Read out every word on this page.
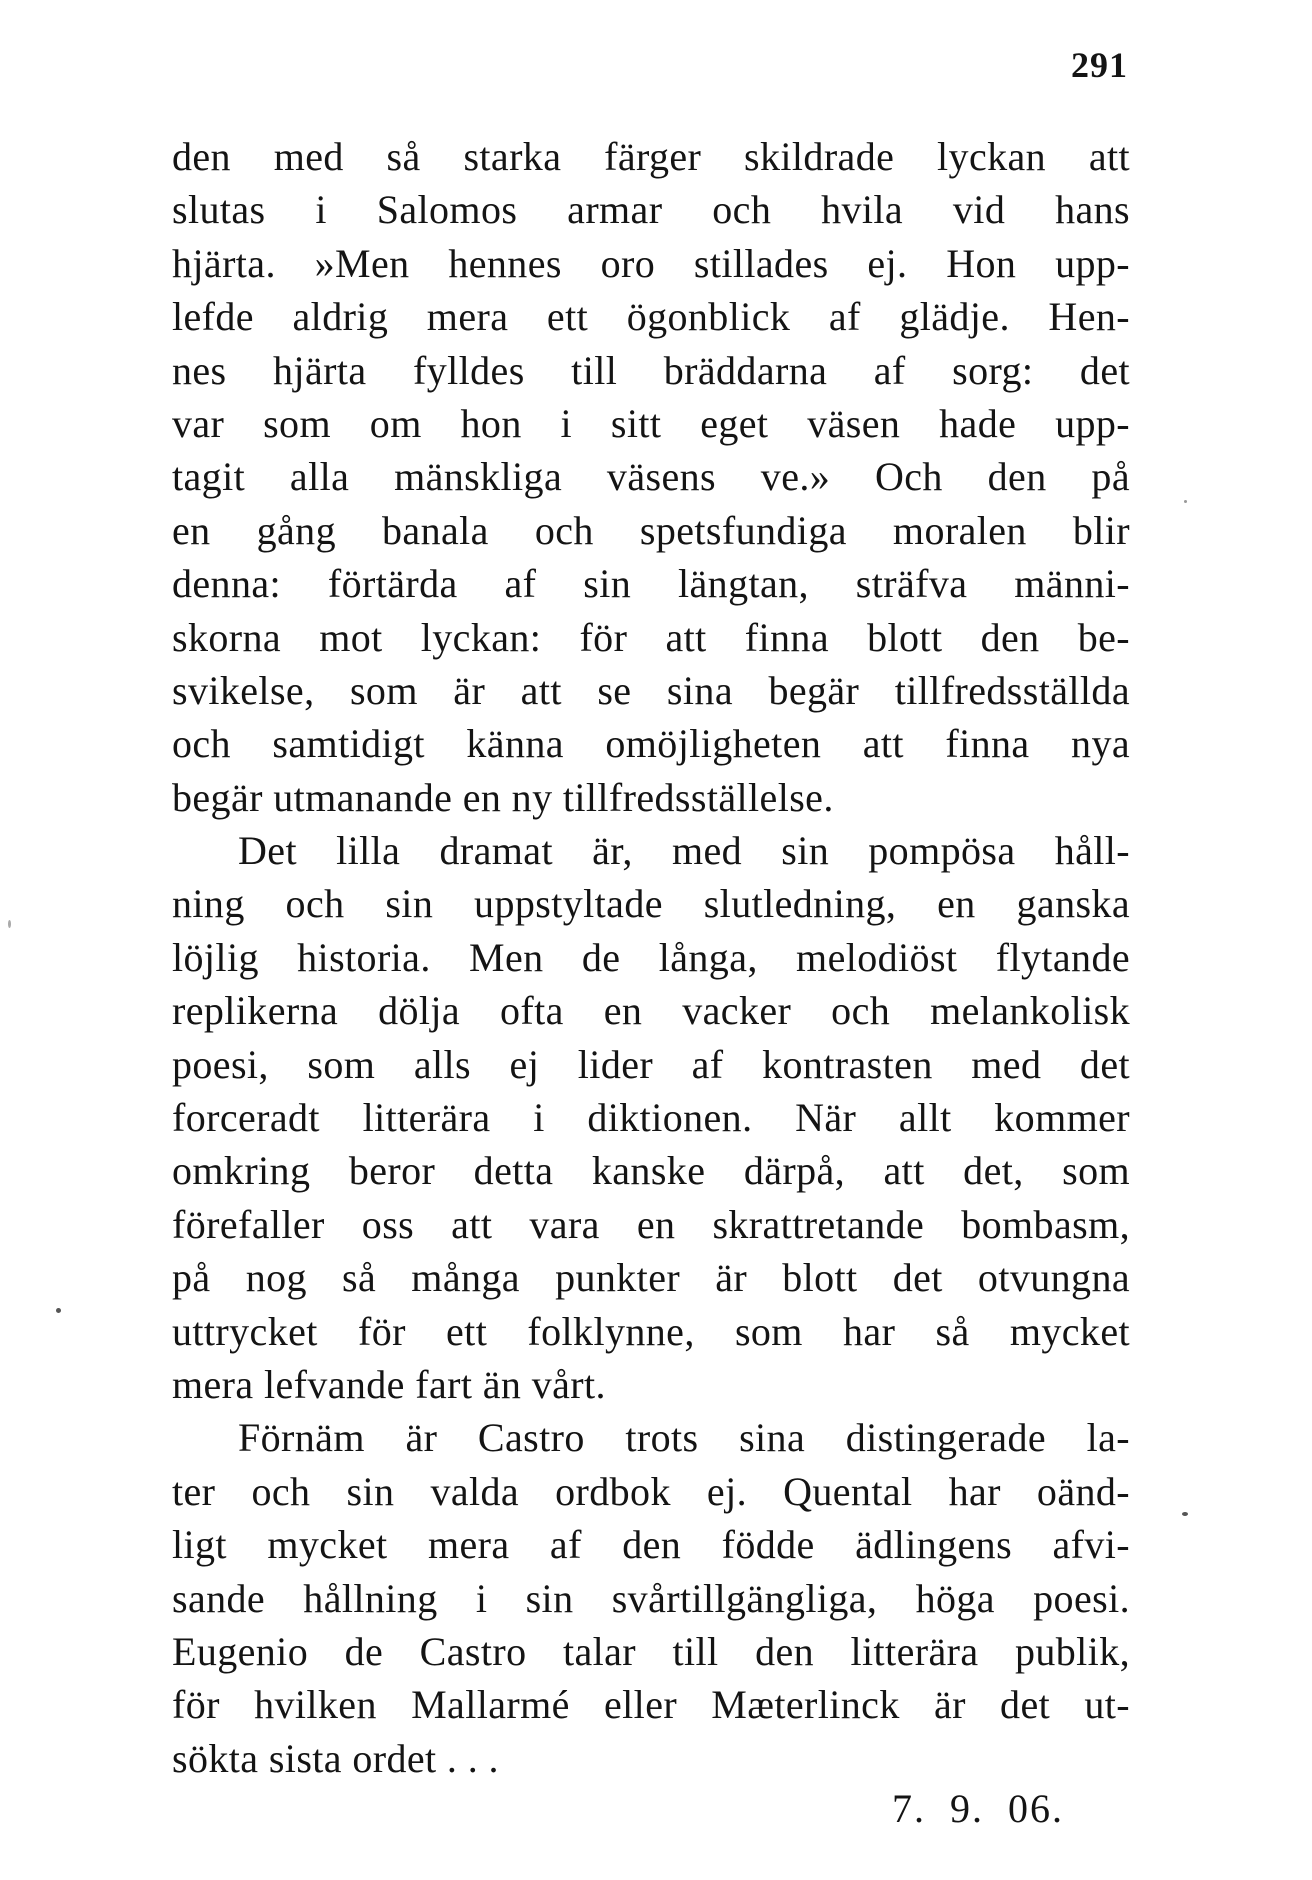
291
den med så starka färger skildrade lyckan att
slutas i Salomos armar och hvila vid hans
hjärta. »Men hennes oro stillades ej. Hon upp-
lefde aldrig mera ett ögonblick af glädje. Hen-
nes hjärta fylldes till bräddarna af sorg: det
var som om hon i sitt eget väsen hade upp-
tagit alla mänskliga väsens ve.» Och den på
en gång banala och spetsfundiga moralen blir
denna: förtärda af sin längtan, sträfva männi-
skorna mot lyckan: för att finna blott den be-
svikelse, som är att se sina begär tillfredsställda
och samtidigt känna omöjligheten att finna nya
begär utmanande en ny tillfredsställelse.
Det lilla dramat är, med sin pompösa håll-
ning och sin uppstyltade slutledning, en ganska
löjlig historia. Men de långa, melodiöst flytande
replikerna dölja ofta en vacker och melankolisk
poesi, som alls ej lider af kontrasten med det
forceradt litterära i diktionen. När allt kommer
omkring beror detta kanske därpå, att det, som
förefaller oss att vara en skrattretande bombasm,
på nog så många punkter är blott det otvungna
uttrycket för ett folklynne, som har så mycket
mera lefvande fart än vårt.
Förnäm är Castro trots sina distingerade la-
ter och sin valda ordbok ej. Quental har oänd-
ligt mycket mera af den födde ädlingens afvi-
sande hållning i sin svårtillgängliga, höga poesi.
Eugenio de Castro talar till den litterära publik,
för hvilken Mallarmé eller Mæterlinck är det ut-
sökta sista ordet . . .
7. 9. 06.
